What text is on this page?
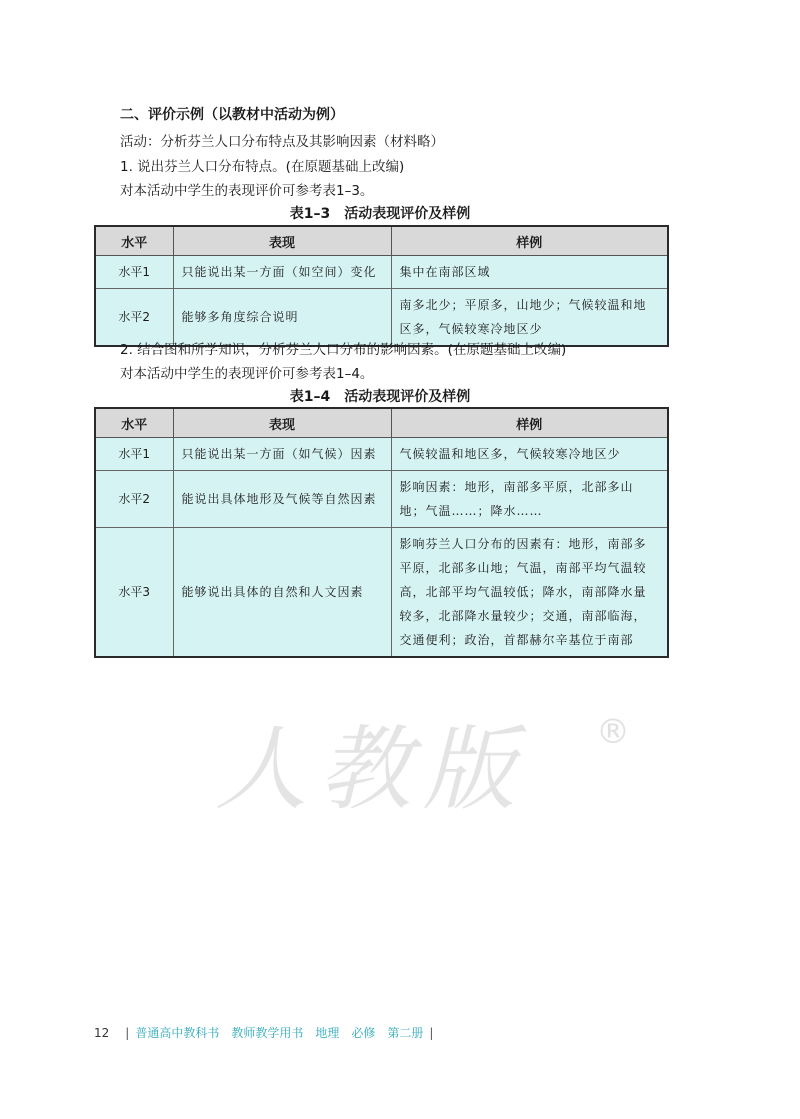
二、评价示例（以教材中活动为例）
活动：分析芬兰人口分布特点及其影响因素（材料略）
1. 说出芬兰人口分布特点。(在原题基础上改编)
对本活动中学生的表现评价可参考表1–3。
表1–3　活动表现评价及样例
水平	表现	样例
水平1	只能说出某一方面（如空间）变化	集中在南部区域
水平2	能够多角度综合说明	南多北少；平原多，山地少；气候较温和地区多，气候较寒冷地区少
2. 结合图和所学知识，分析芬兰人口分布的影响因素。(在原题基础上改编)
对本活动中学生的表现评价可参考表1–4。
表1–4　活动表现评价及样例
水平	表现	样例
水平1	只能说出某一方面（如气候）因素	气候较温和地区多，气候较寒冷地区少
水平2	能说出具体地形及气候等自然因素	影响因素：地形，南部多平原，北部多山地；气温……；降水……
水平3	能够说出具体的自然和人文因素	影响芬兰人口分布的因素有：地形，南部多平原，北部多山地；气温，南部平均气温较高，北部平均气温较低；降水，南部降水量较多，北部降水量较少；交通，南部临海，交通便利；政治，首都赫尔辛基位于南部
人教版	®
12 | 普通高中教科书　教师教学用书　地理　必修　第二册 |
